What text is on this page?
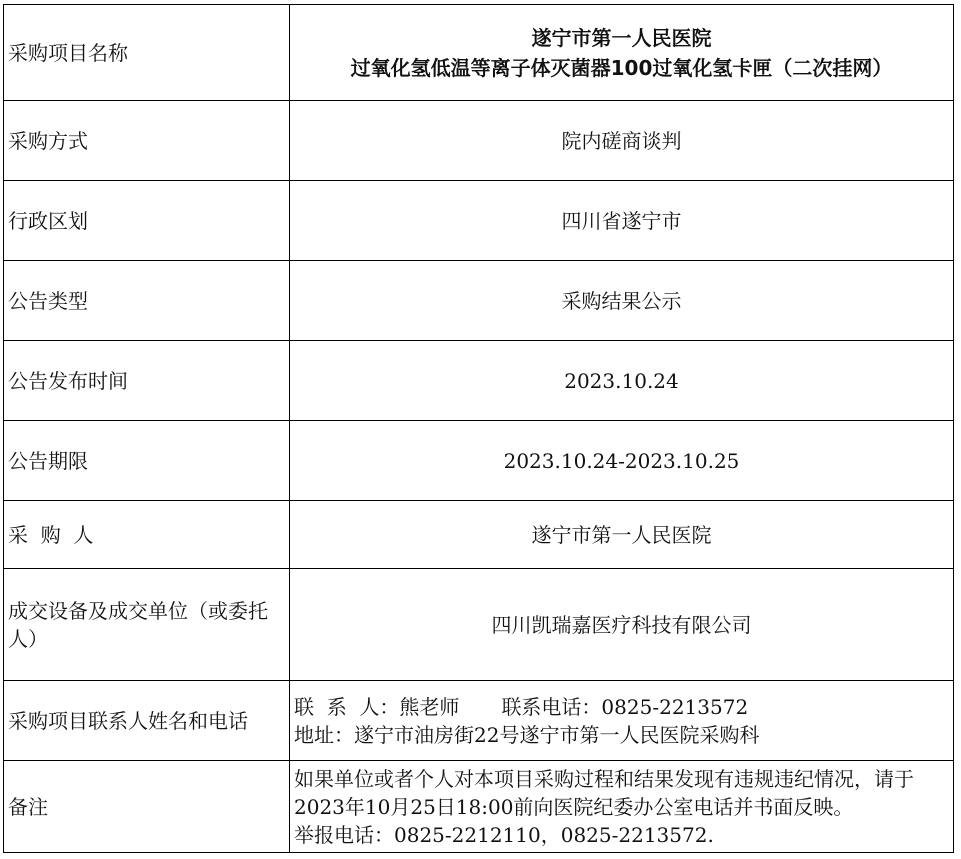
采购项目名称	遂宁市第一人民医院
过氧化氢低温等离子体灭菌器100过氧化氢卡匣（二次挂网）

采购方式	院内磋商谈判
行政区划	四川省遂宁市
公告类型	采购结果公示
公告发布时间	2023.10.24
公告期限	2023.10.24-2023.10.25
采  购  人	遂宁市第一人民医院
成交设备及成交单位（或委托人）	四川凯瑞嘉医疗科技有限公司
采购项目联系人姓名和电话	联  系  人：熊老师 联系电话：0825-2213572
地址：遂宁市油房街22号遂宁市第一人民医院采购科

备注	如果单位或者个人对本项目采购过程和结果发现有违规违纪情况，请于2023年10月25日18:00前向医院纪委办公室电话并书面反映。
举报电话：0825-2212110，0825-2213572.
